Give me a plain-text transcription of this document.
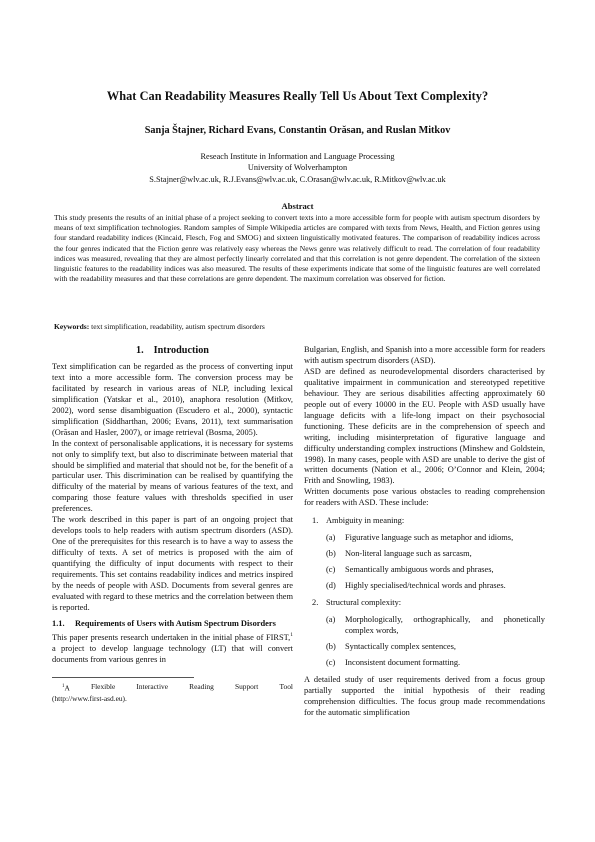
What Can Readability Measures Really Tell Us About Text Complexity?
Sanja Štajner, Richard Evans, Constantin Orăsan, and Ruslan Mitkov
Reseach Institute in Information and Language Processing
University of Wolverhampton
S.Stajner@wlv.ac.uk, R.J.Evans@wlv.ac.uk, C.Orasan@wlv.ac.uk, R.Mitkov@wlv.ac.uk
Abstract
This study presents the results of an initial phase of a project seeking to convert texts into a more accessible form for people with autism spectrum disorders by means of text simplification technologies. Random samples of Simple Wikipedia articles are compared with texts from News, Health, and Fiction genres using four standard readability indices (Kincaid, Flesch, Fog and SMOG) and sixteen linguistically motivated features. The comparison of readability indices across the four genres indicated that the Fiction genre was relatively easy whereas the News genre was relatively difficult to read. The correlation of four readability indices was measured, revealing that they are almost perfectly linearly correlated and that this correlation is not genre dependent. The correlation of the sixteen linguistic features to the readability indices was also measured. The results of these experiments indicate that some of the linguistic features are well correlated with the readability measures and that these correlations are genre dependent. The maximum correlation was observed for fiction.
Keywords: text simplification, readability, autism spectrum disorders
1. Introduction

Text simplification can be regarded as the process of converting input text into a more accessible form. The conversion process may be facilitated by research in various areas of NLP, including lexical simplification (Yatskar et al., 2010), anaphora resolution (Mitkov, 2002), word sense disambiguation (Escudero et al., 2000), syntactic simplification (Siddharthan, 2006; Evans, 2011), text summarisation (Orăsan and Hasler, 2007), or image retrieval (Bosma, 2005).

In the context of personalisable applications, it is necessary for systems not only to simplify text, but also to discriminate between material that should be simplified and material that should not be, for the benefit of a particular user. This discrimination can be realised by quantifying the difficulty of the material by means of various features of the text, and comparing those feature values with thresholds specified in user preferences.

The work described in this paper is part of an ongoing project that develops tools to help readers with autism spectrum disorders (ASD). One of the prerequisites for this research is to have a way to assess the difficulty of texts. A set of metrics is proposed with the aim of quantifying the difficulty of input documents with respect to their requirements. This set contains readability indices and metrics inspired by the needs of people with ASD. Documents from several genres are evaluated with regard to these metrics and the correlation between them is reported.

1.1.	Requirements of Users with Autism Spectrum Disorders

This paper presents research undertaken in the initial phase of FIRST,$^1$ a project to develop language technology (LT) that will convert documents from various genres in

$^1$A	Flexible	Interactive	Reading	Support	Tool
(http://www.first-asd.eu).

Bulgarian, English, and Spanish into a more accessible form for readers with autism spectrum disorders (ASD).

ASD are defined as neurodevelopmental disorders characterised by qualitative impairment in communication and stereotyped repetitive behaviour. They are serious disabilities affecting approximately 60 people out of every 10000 in the EU. People with ASD usually have language deficits with a life-long impact on their psychosocial functioning. These deficits are in the comprehension of speech and writing, including misinterpretation of figurative language and difficulty understanding complex instructions (Minshew and Goldstein, 1998). In many cases, people with ASD are unable to derive the gist of written documents (Nation et al., 2006; O’Connor and Klein, 2004; Frith and Snowling, 1983).

Written documents pose various obstacles to reading comprehension for readers with ASD. These include:

1. Ambiguity in meaning:
(a)	Figurative language such as metaphor and idioms,
(b)	Non-literal language such as sarcasm,
(c)	Semantically ambiguous words and phrases,
(d)	Highly specialised/technical words and phrases.
2. Structural complexity:
(a)	Morphologically, orthographically, and phonetically complex words,
(b)	Syntactically complex sentences,
(c)	Inconsistent document formatting.

A detailed study of user requirements derived from a focus group partially supported the initial hypothesis of their reading comprehension difficulties. The focus group made recommendations for the automatic simplification
